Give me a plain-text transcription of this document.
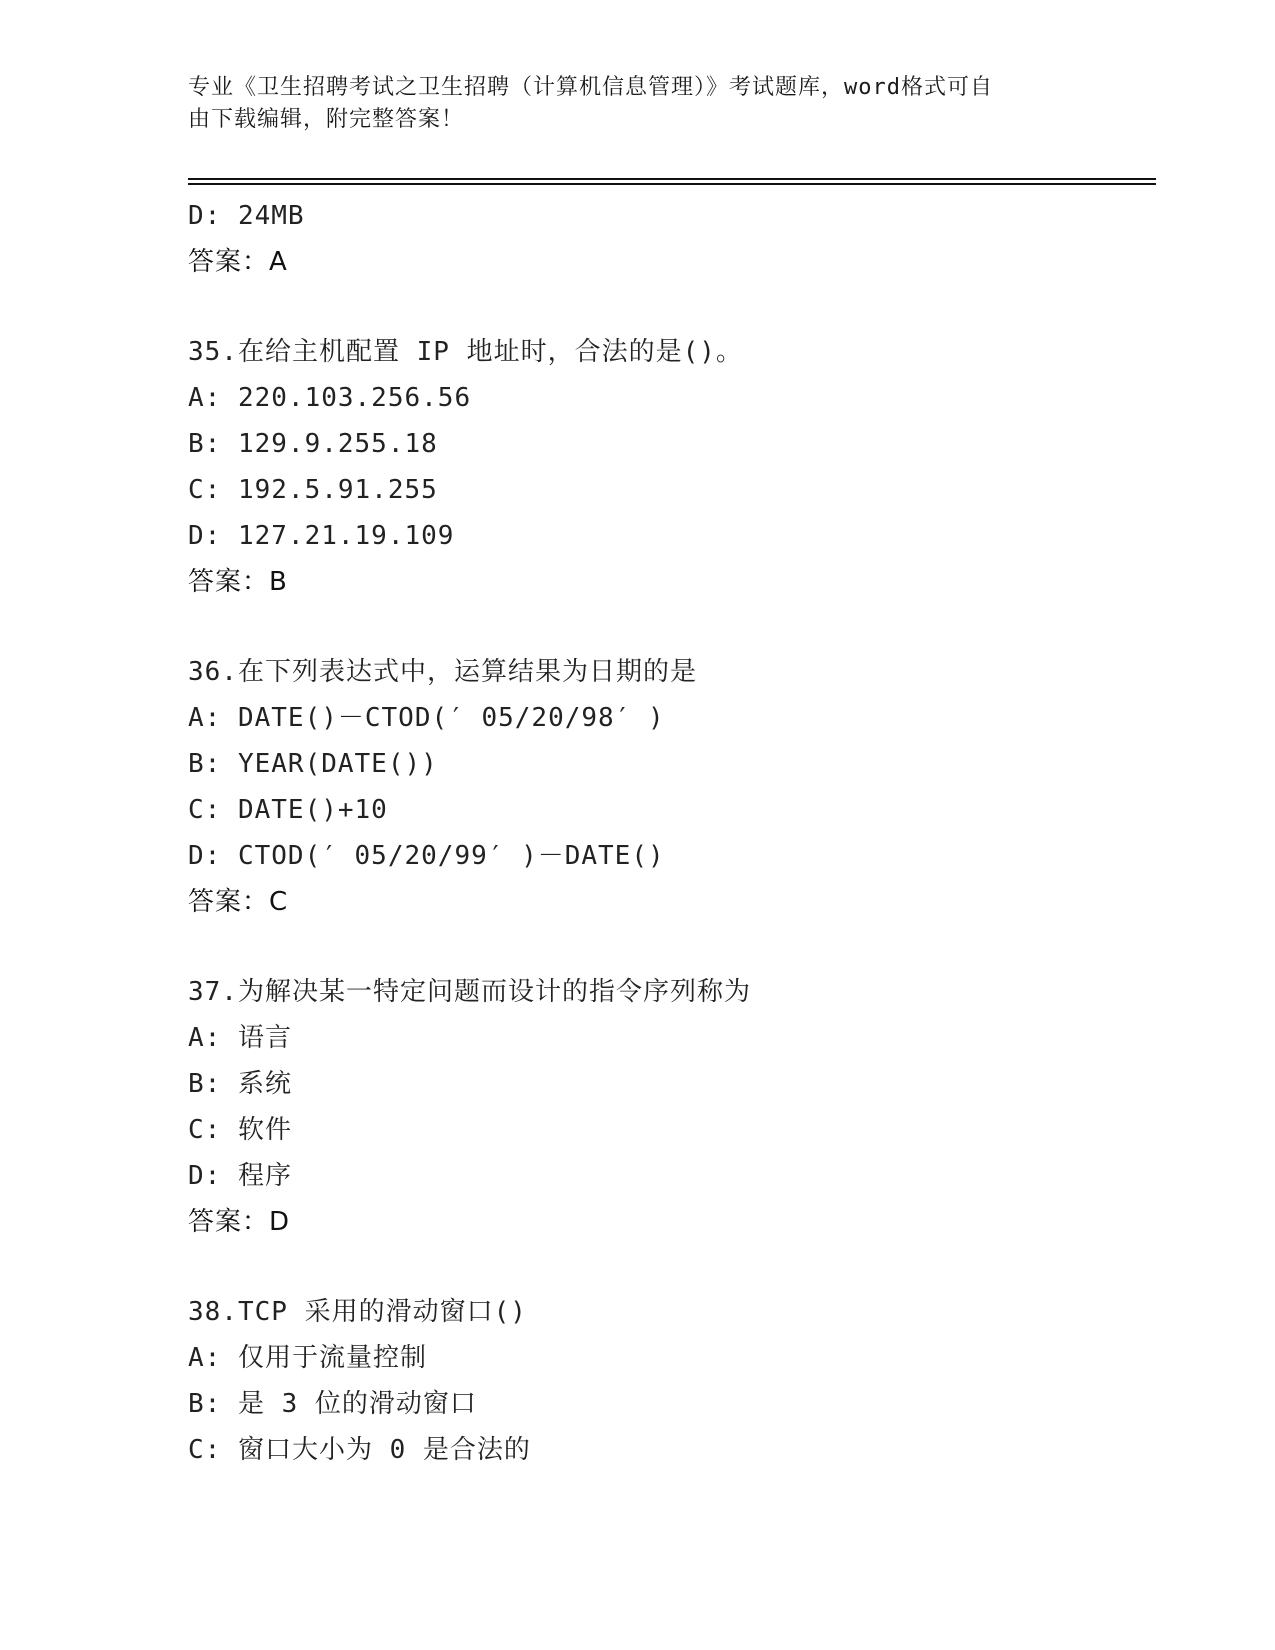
专业《卫生招聘考试之卫生招聘（计算机信息管理）》考试题库，word格式可自
由下载编辑，附完整答案！
D: 24MB
答案：A
35.在给主机配置 IP 地址时，合法的是()。
A: 220.103.256.56
B: 129.9.255.18
C: 192.5.91.255
D: 127.21.19.109
答案：B
36.在下列表达式中，运算结果为日期的是
A: DATE()－CTOD(′ 05/20/98′ )
B: YEAR(DATE())
C: DATE()+10
D: CTOD(′ 05/20/99′ )－DATE()
答案：C
37.为解决某一特定问题而设计的指令序列称为
A: 语言
B: 系统
C: 软件
D: 程序
答案：D
38.TCP 采用的滑动窗口()
A: 仅用于流量控制
B: 是 3 位的滑动窗口
C: 窗口大小为 0 是合法的
